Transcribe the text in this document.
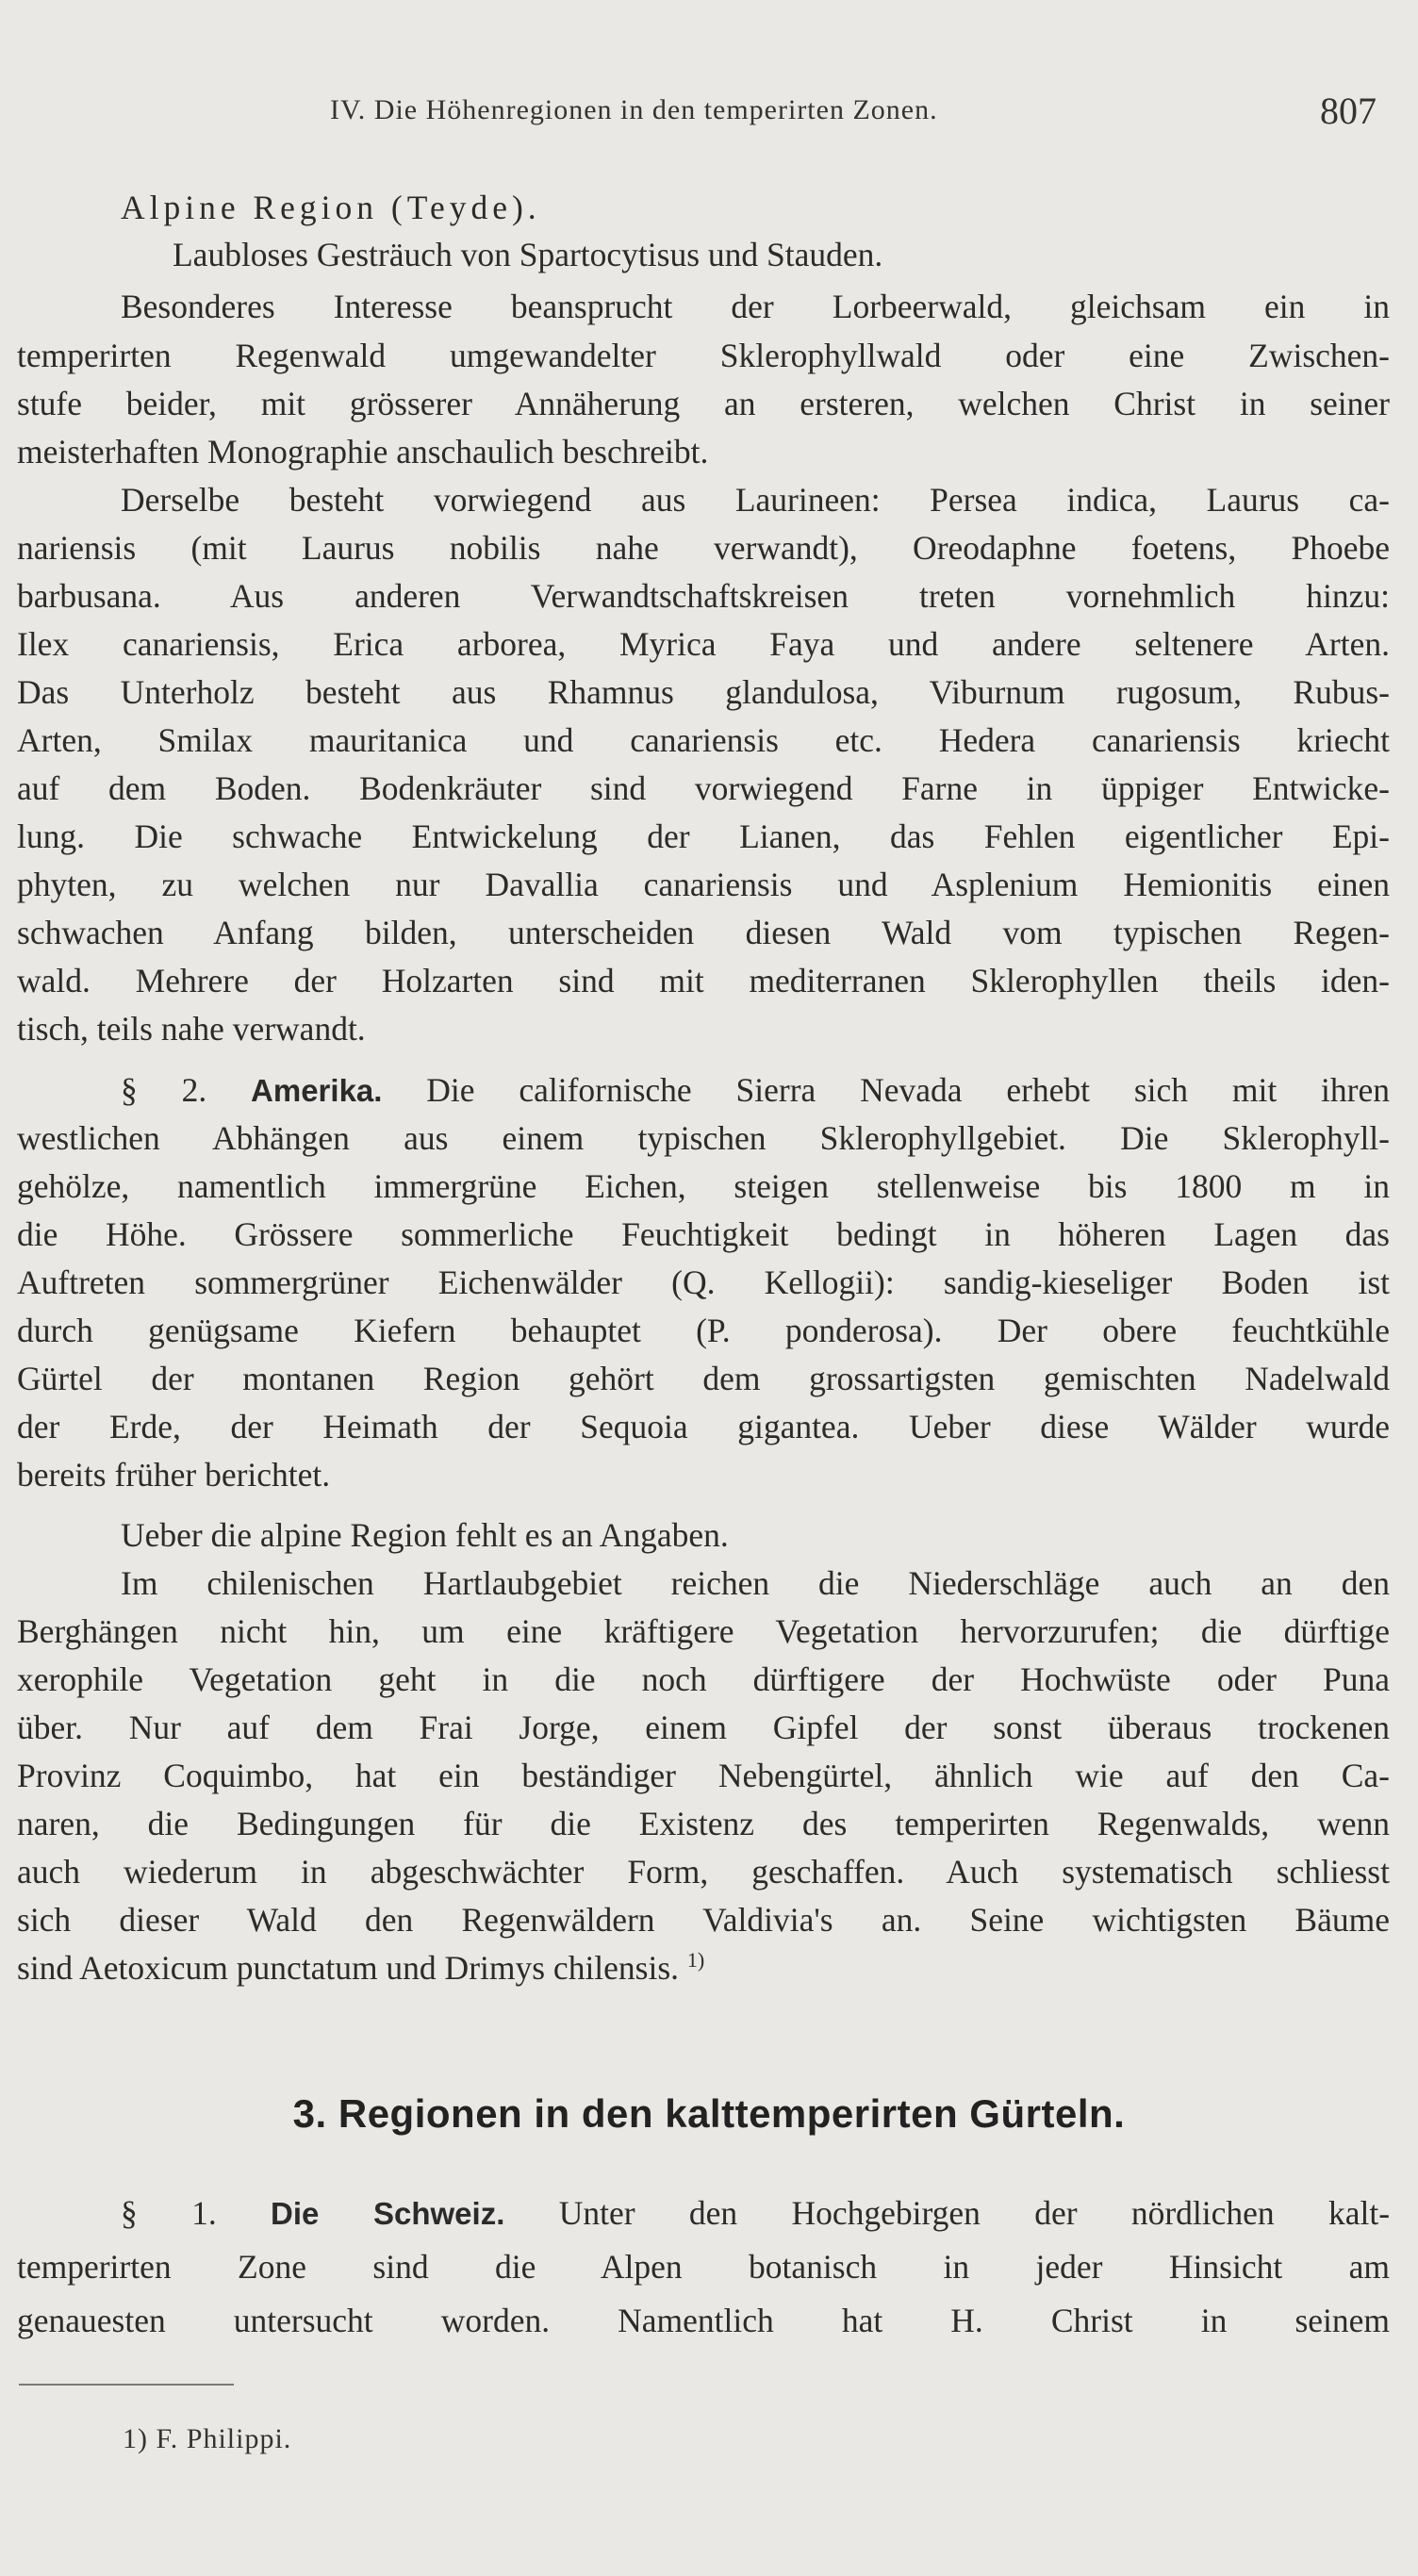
IV. Die Höhenregionen in den temperirten Zonen.	807
Alpine Region (Teyde).
Laubloses Gesträuch von Spartocytisus und Stauden.
Besonderes Interesse beansprucht der Lorbeerwald, gleichsam ein in
temperirten Regenwald umgewandelter Sklerophyllwald oder eine Zwischen-
stufe beider, mit grösserer Annäherung an ersteren, welchen Christ in seiner
meisterhaften Monographie anschaulich beschreibt.
Derselbe besteht vorwiegend aus Laurineen: Persea indica, Laurus ca-
nariensis (mit Laurus nobilis nahe verwandt), Oreodaphne foetens, Phoebe
barbusana. Aus anderen Verwandtschaftskreisen treten vornehmlich hinzu:
Ilex canariensis, Erica arborea, Myrica Faya und andere seltenere Arten.
Das Unterholz besteht aus Rhamnus glandulosa, Viburnum rugosum, Rubus-
Arten, Smilax mauritanica und canariensis etc. Hedera canariensis kriecht
auf dem Boden. Bodenkräuter sind vorwiegend Farne in üppiger Entwicke-
lung. Die schwache Entwickelung der Lianen, das Fehlen eigentlicher Epi-
phyten, zu welchen nur Davallia canariensis und Asplenium Hemionitis einen
schwachen Anfang bilden, unterscheiden diesen Wald vom typischen Regen-
wald. Mehrere der Holzarten sind mit mediterranen Sklerophyllen theils iden-
tisch, teils nahe verwandt.
§ 2. Amerika. Die californische Sierra Nevada erhebt sich mit ihren
westlichen Abhängen aus einem typischen Sklerophyllgebiet. Die Sklerophyll-
gehölze, namentlich immergrüne Eichen, steigen stellenweise bis 1800 m in
die Höhe. Grössere sommerliche Feuchtigkeit bedingt in höheren Lagen das
Auftreten sommergrüner Eichenwälder (Q. Kellogii): sandig-kieseliger Boden ist
durch genügsame Kiefern behauptet (P. ponderosa). Der obere feuchtkühle
Gürtel der montanen Region gehört dem grossartigsten gemischten Nadelwald
der Erde, der Heimath der Sequoia gigantea. Ueber diese Wälder wurde
bereits früher berichtet.
Ueber die alpine Region fehlt es an Angaben.
Im chilenischen Hartlaubgebiet reichen die Niederschläge auch an den
Berghängen nicht hin, um eine kräftigere Vegetation hervorzurufen; die dürftige
xerophile Vegetation geht in die noch dürftigere der Hochwüste oder Puna
über. Nur auf dem Frai Jorge, einem Gipfel der sonst überaus trockenen
Provinz Coquimbo, hat ein beständiger Nebengürtel, ähnlich wie auf den Ca-
naren, die Bedingungen für die Existenz des temperirten Regenwalds, wenn
auch wiederum in abgeschwächter Form, geschaffen. Auch systematisch schliesst
sich dieser Wald den Regenwäldern Valdivia's an. Seine wichtigsten Bäume
sind Aetoxicum punctatum und Drimys chilensis. $^{1)}$
3. Regionen in den kalttemperirten Gürteln.
§ 1. Die Schweiz. Unter den Hochgebirgen der nördlichen kalt-
temperirten Zone sind die Alpen botanisch in jeder Hinsicht am
genauesten untersucht worden. Namentlich hat H. Christ in seinem
1) F. Philippi.
